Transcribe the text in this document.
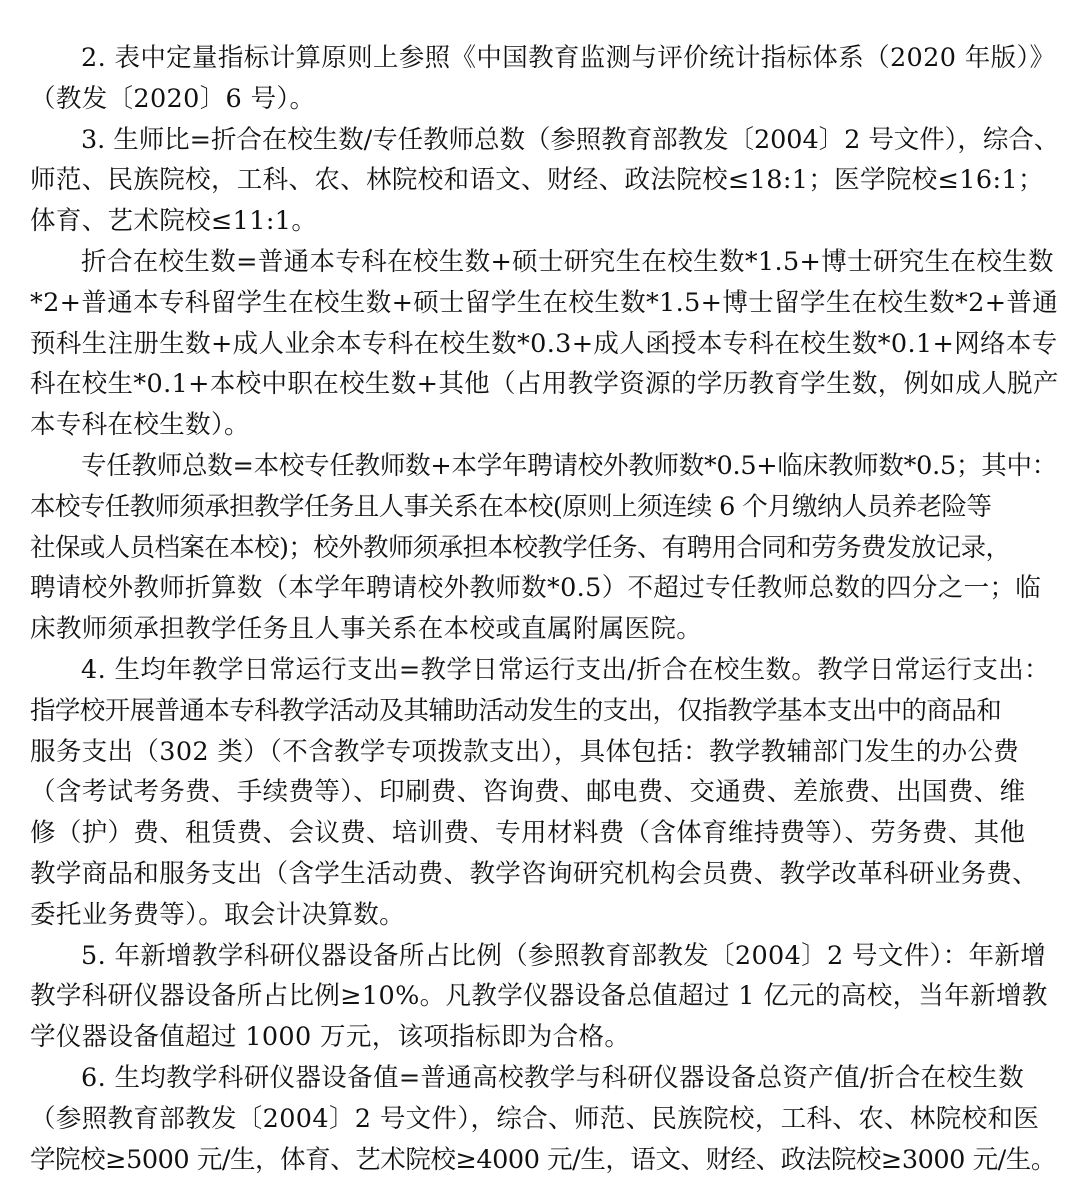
2. 表中定量指标计算原则上参照《中国教育监测与评价统计指标体系（2020 年版）》
（教发〔2020〕6 号）。
3. 生师比=折合在校生数/专任教师总数（参照教育部教发〔2004〕2 号文件），综合、
师范、民族院校，工科、农、林院校和语文、财经、政法院校≤18:1；医学院校≤16:1；
体育、艺术院校≤11:1。
折合在校生数=普通本专科在校生数+硕士研究生在校生数*1.5+博士研究生在校生数
*2+普通本专科留学生在校生数+硕士留学生在校生数*1.5+博士留学生在校生数*2+普通
预科生注册生数+成人业余本专科在校生数*0.3+成人函授本专科在校生数*0.1+网络本专
科在校生*0.1+本校中职在校生数+其他（占用教学资源的学历教育学生数，例如成人脱产
本专科在校生数）。
专任教师总数=本校专任教师数+本学年聘请校外教师数*0.5+临床教师数*0.5；其中：
本校专任教师须承担教学任务且人事关系在本校(原则上须连续 6 个月缴纳人员养老险等
社保或人员档案在本校)；校外教师须承担本校教学任务、有聘用合同和劳务费发放记录，
聘请校外教师折算数（本学年聘请校外教师数*0.5）不超过专任教师总数的四分之一；临
床教师须承担教学任务且人事关系在本校或直属附属医院。
4. 生均年教学日常运行支出=教学日常运行支出/折合在校生数。教学日常运行支出：
指学校开展普通本专科教学活动及其辅助活动发生的支出，仅指教学基本支出中的商品和
服务支出（302 类）（不含教学专项拨款支出），具体包括：教学教辅部门发生的办公费
（含考试考务费、手续费等）、印刷费、咨询费、邮电费、交通费、差旅费、出国费、维
修（护）费、租赁费、会议费、培训费、专用材料费（含体育维持费等）、劳务费、其他
教学商品和服务支出（含学生活动费、教学咨询研究机构会员费、教学改革科研业务费、
委托业务费等）。取会计决算数。
5. 年新增教学科研仪器设备所占比例（参照教育部教发〔2004〕2 号文件）：年新增
教学科研仪器设备所占比例≥10%。凡教学仪器设备总值超过 1 亿元的高校，当年新增教
学仪器设备值超过 1000 万元，该项指标即为合格。
6. 生均教学科研仪器设备值=普通高校教学与科研仪器设备总资产值/折合在校生数
（参照教育部教发〔2004〕2 号文件），综合、师范、民族院校，工科、农、林院校和医
学院校≥5000 元/生，体育、艺术院校≥4000 元/生，语文、财经、政法院校≥3000 元/生。
